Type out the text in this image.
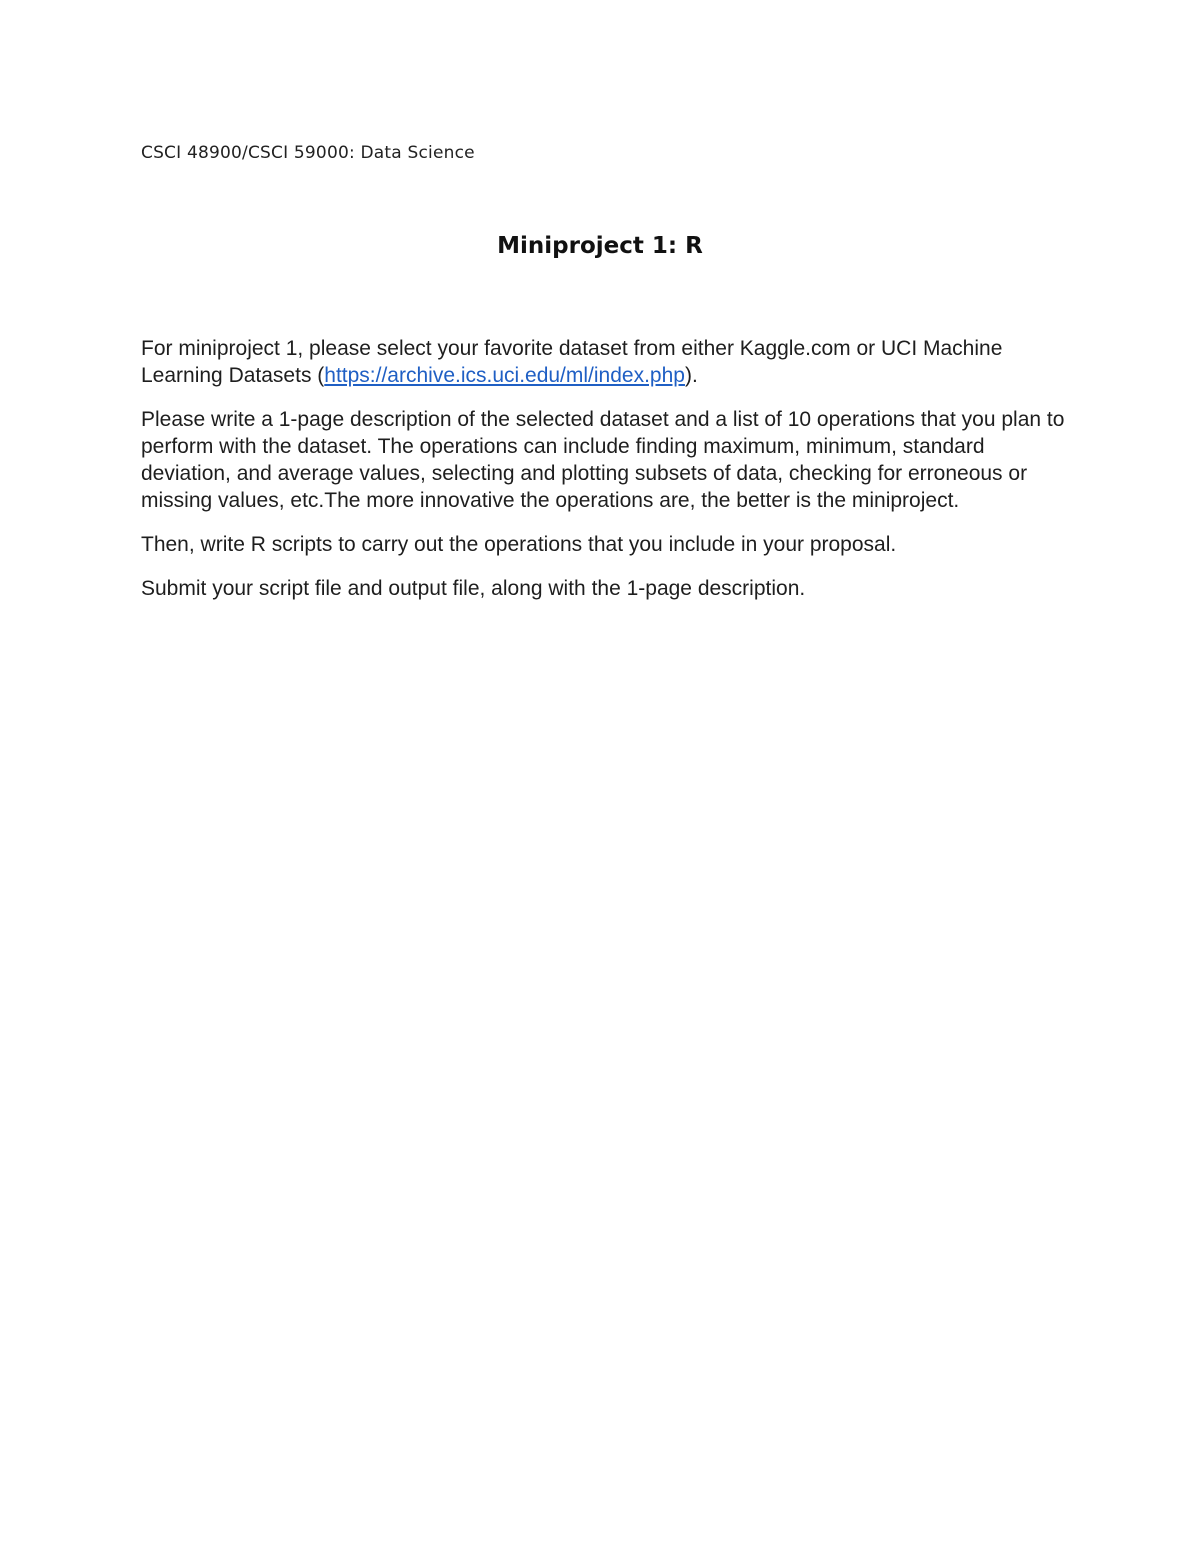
CSCI 48900/CSCI 59000: Data Science
Miniproject 1: R

For miniproject 1, please select your favorite dataset from either Kaggle.com or UCI Machine Learning Datasets (https://archive.ics.uci.edu/ml/index.php).

Please write a 1-page description of the selected dataset and a list of 10 operations that you plan to perform with the dataset. The operations can include finding maximum, minimum, standard deviation, and average values, selecting and plotting subsets of data, checking for erroneous or missing values, etc.The more innovative the operations are, the better is the miniproject.

Then, write R scripts to carry out the operations that you include in your proposal.

Submit your script file and output file, along with the 1-page description.
